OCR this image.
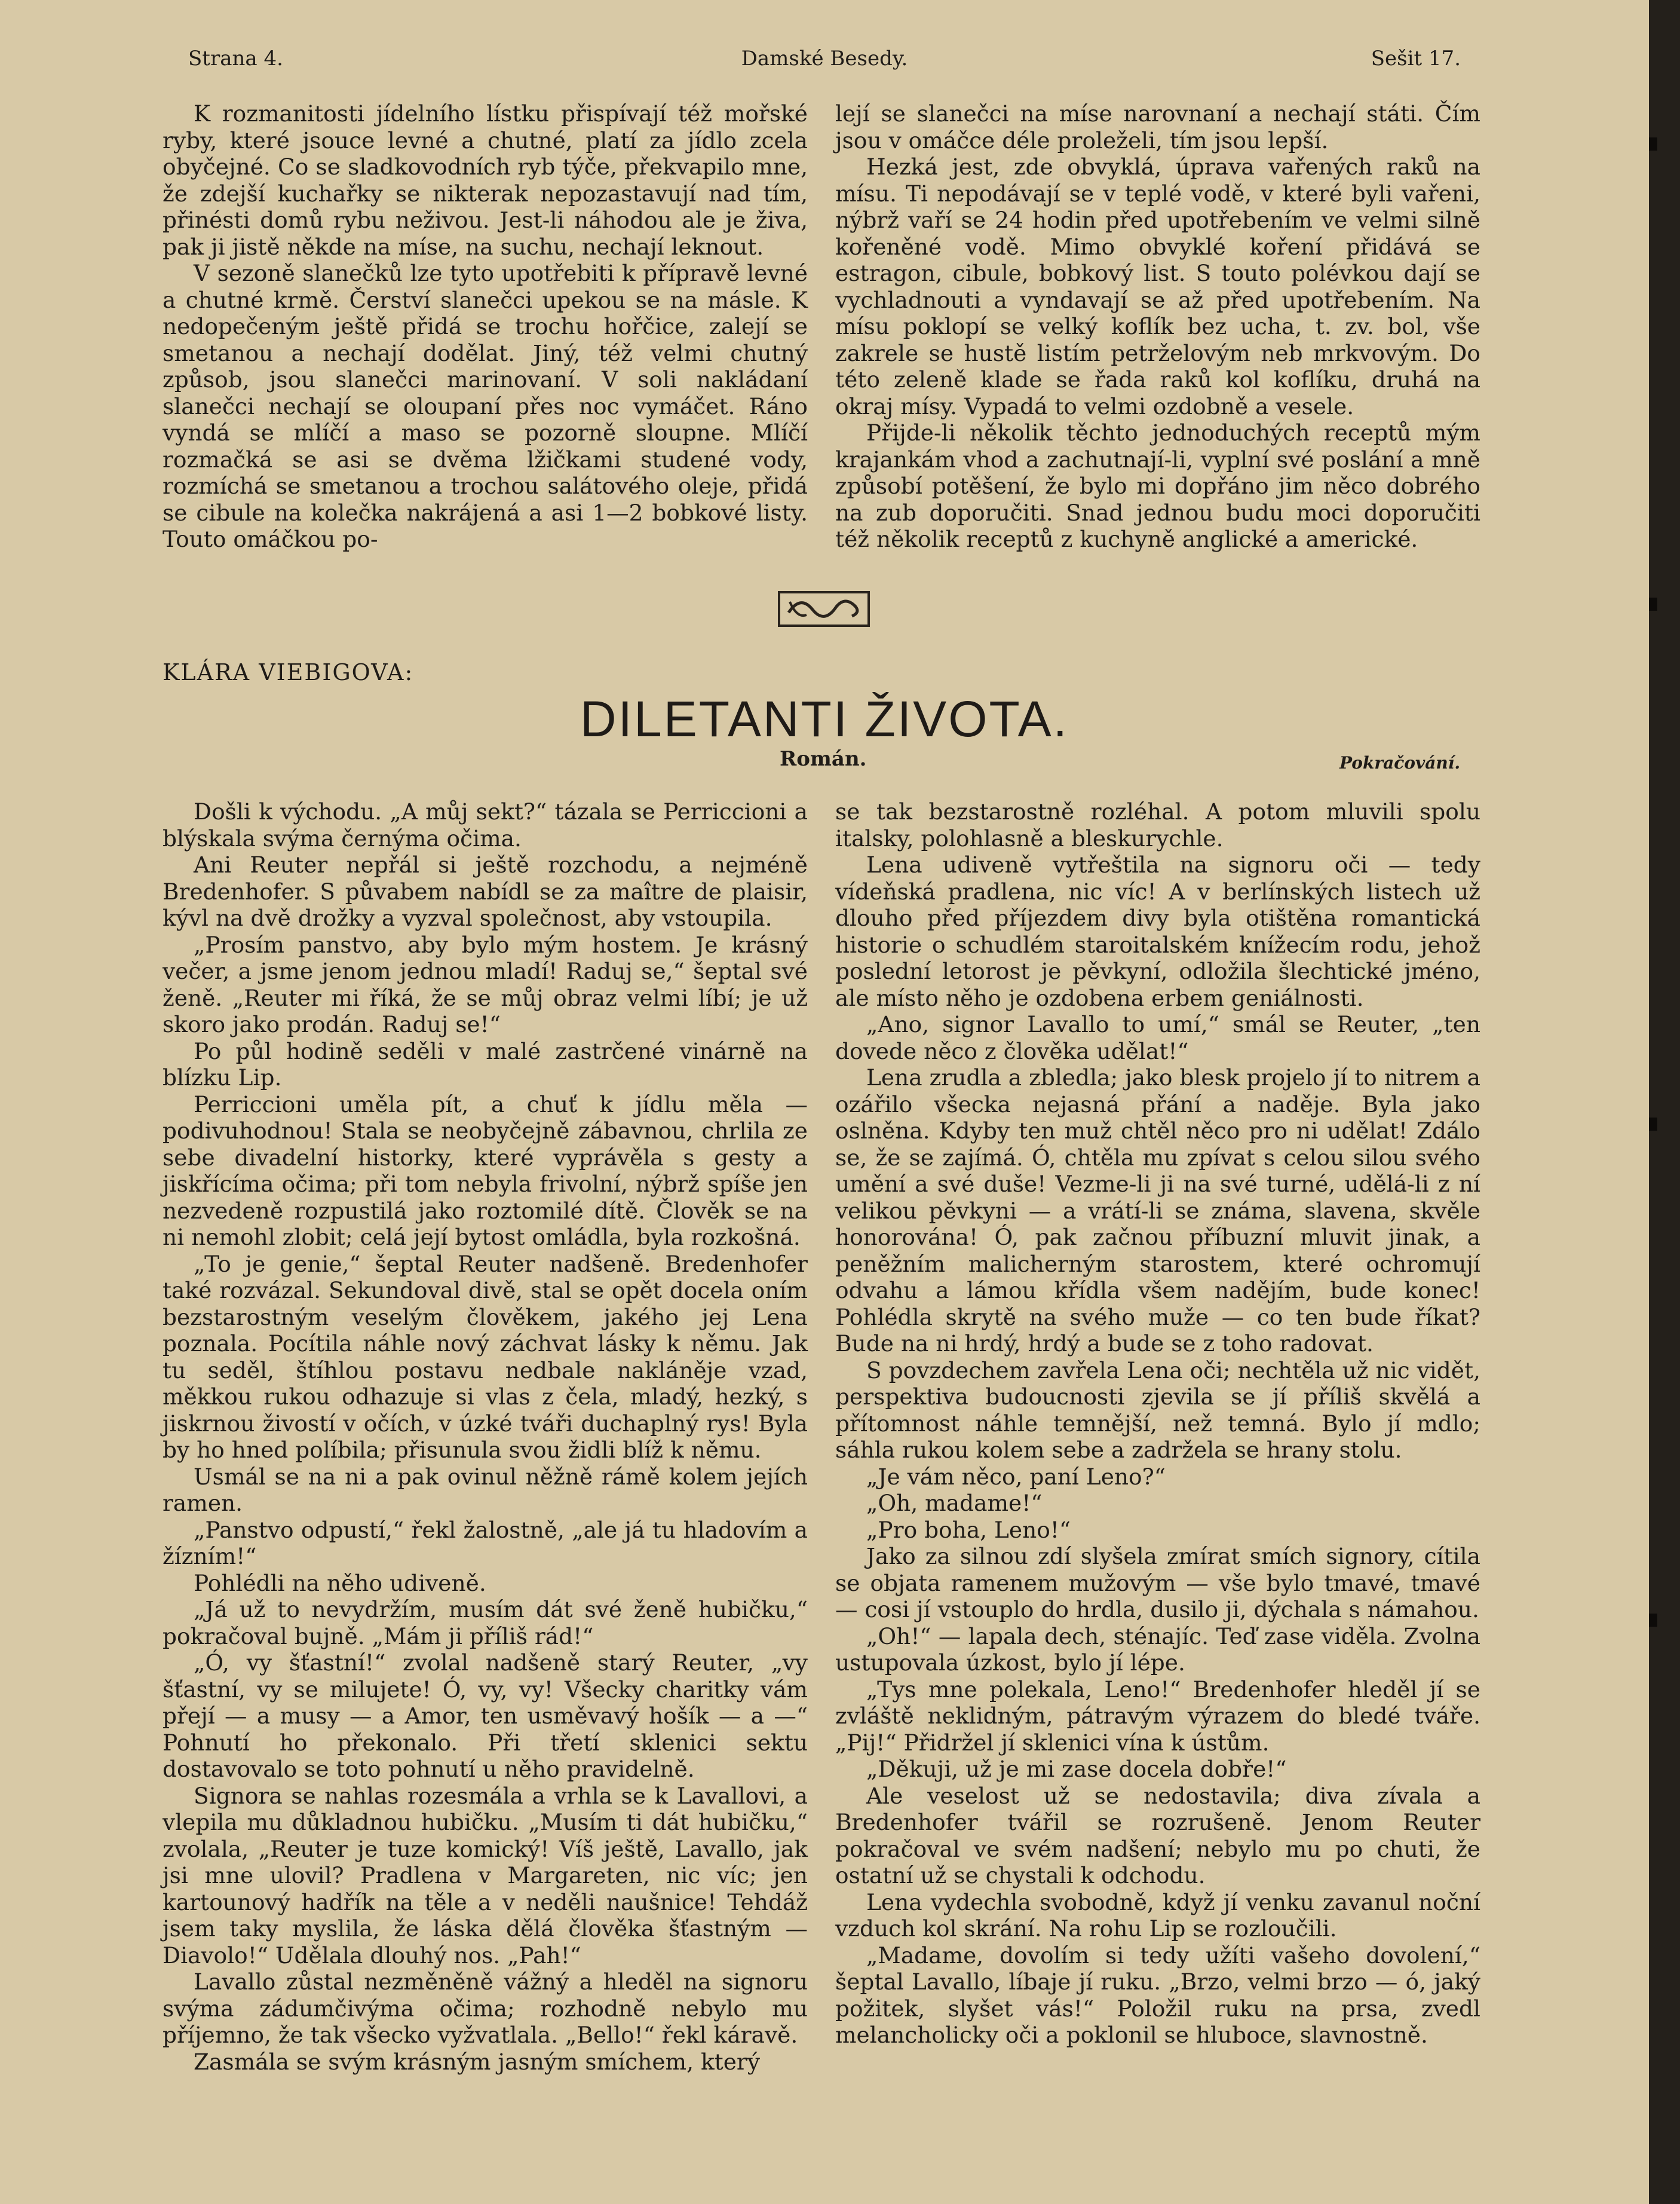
Strana 4.	Damské Besedy.	Sešit 17.

K rozmanitosti jídelního lístku přispívají též mořské ryby, které jsouce levné a chutné, platí za jídlo zcela obyčejné. Co se sladkovodních ryb týče, překvapilo mne, že zdejší kuchařky se nikterak nepozastavují nad tím, přinésti domů rybu neživou. Jest-li náhodou ale je živa, pak ji jistě někde na míse, na suchu, nechají leknout.

V sezoně slanečků lze tyto upotřebiti k přípravě levné a chutné krmě. Čerství slanečci upekou se na másle. K nedopečeným ještě přidá se trochu hořčice, zalejí se smetanou a nechají dodělat. Jiný, též velmi chutný způsob, jsou slanečci marinovaní. V soli nakládaní slanečci nechají se oloupaní přes noc vymáčet. Ráno vyndá se mlíčí a maso se pozorně sloupne. Mlíčí rozmačká se asi se dvěma lžičkami studené vody, rozmíchá se smetanou a trochou salátového oleje, přidá se cibule na kolečka nakrájená a asi 1—2 bobkové listy. Touto omáčkou po-

lejí se slanečci na míse narovnaní a nechají státi. Čím jsou v omáčce déle proleželi, tím jsou lepší.

Hezká jest, zde obvyklá, úprava vařených raků na mísu. Ti nepodávají se v teplé vodě, v které byli vařeni, nýbrž vaří se 24 hodin před upotřebením ve velmi silně kořeněné vodě. Mimo obvyklé koření přidává se estragon, cibule, bobkový list. S touto polévkou dají se vychladnouti a vyndavají se až před upotřebením. Na mísu poklopí se velký koflík bez ucha, t. zv. bol, vše zakrele se hustě listím petrželovým neb mrkvovým. Do této zeleně klade se řada raků kol koflíku, druhá na okraj mísy. Vypadá to velmi ozdobně a vesele.

Přijde-li několik těchto jednoduchých receptů mým krajankám vhod a zachutnají-li, vyplní své poslání a mně způsobí potěšení, že bylo mi dopřáno jim něco dobrého na zub doporučiti. Snad jednou budu moci doporučiti též několik receptů z kuchyně anglické a americké.

KLÁRA VIEBIGOVA:
DILETANTI ŽIVOTA.
Román.	Pokračování.

Došli k východu. „A můj sekt?“ tázala se Perriccioni a blýskala svýma černýma očima.

Ani Reuter nepřál si ještě rozchodu, a nejméně Bredenhofer. S půvabem nabídl se za maître de plaisir, kývl na dvě drožky a vyzval společnost, aby vstoupila.

„Prosím panstvo, aby bylo mým hostem. Je krásný večer, a jsme jenom jednou mladí! Raduj se,“ šeptal své ženě. „Reuter mi říká, že se můj obraz velmi líbí; je už skoro jako prodán. Raduj se!“

Po půl hodině seděli v malé zastrčené vinárně na blízku Lip.

Perriccioni uměla pít, a chuť k jídlu měla — podivuhodnou! Stala se neobyčejně zábavnou, chrlila ze sebe divadelní historky, které vyprávěla s gesty a jiskřícíma očima; při tom nebyla frivolní, nýbrž spíše jen nezvedeně rozpustilá jako roztomilé dítě. Člověk se na ni nemohl zlobit; celá její bytost omládla, byla rozkošná.

„To je genie,“ šeptal Reuter nadšeně. Bredenhofer také rozvázal. Sekundoval divě, stal se opět docela oním bezstarostným veselým člověkem, jakého jej Lena poznala. Pocítila náhle nový záchvat lásky k němu. Jak tu seděl, štíhlou postavu nedbale nakláněje vzad, měkkou rukou odhazuje si vlas z čela, mladý, hezký, s jiskrnou živostí v očích, v úzké tváři duchaplný rys! Byla by ho hned políbila; přisunula svou židli blíž k němu.

Usmál se na ni a pak ovinul něžně rámě kolem jejích ramen.

„Panstvo odpustí,“ řekl žalostně, „ale já tu hladovím a žízním!“

Pohlédli na něho udiveně.

„Já už to nevydržím, musím dát své ženě hubičku,“ pokračoval bujně. „Mám ji příliš rád!“

„Ó, vy šťastní!“ zvolal nadšeně starý Reuter, „vy šťastní, vy se milujete! Ó, vy, vy! Všecky charitky vám přejí — a musy — a Amor, ten usměvavý hošík — a —“ Pohnutí ho překonalo. Při třetí sklenici sektu dostavovalo se toto pohnutí u něho pravidelně.

Signora se nahlas rozesmála a vrhla se k Lavallovi, a vlepila mu důkladnou hubičku. „Musím ti dát hubičku,“ zvolala, „Reuter je tuze komický! Víš ještě, Lavallo, jak jsi mne ulovil? Pradlena v Margareten, nic víc; jen kartounový hadřík na těle a v neděli naušnice! Tehdáž jsem taky myslila, že láska dělá člověka šťastným — Diavolo!“ Udělala dlouhý nos. „Pah!“

Lavallo zůstal nezměněně vážný a hleděl na signoru svýma zádumčivýma očima; rozhodně nebylo mu příjemno, že tak všecko vyžvatlala. „Bello!“ řekl káravě.

Zasmála se svým krásným jasným smíchem, který

se tak bezstarostně rozléhal. A potom mluvili spolu italsky, polohlasně a bleskurychle.

Lena udiveně vytřeštila na signoru oči — tedy vídeňská pradlena, nic víc! A v berlínských listech už dlouho před příjezdem divy byla otištěna romantická historie o schudlém staroitalském knížecím rodu, jehož poslední letorost je pěvkyní, odložila šlechtické jméno, ale místo něho je ozdobena erbem geniálnosti.

„Ano, signor Lavallo to umí,“ smál se Reuter, „ten dovede něco z člověka udělat!“

Lena zrudla a zbledla; jako blesk projelo jí to nitrem a ozářilo všecka nejasná přání a naděje. Byla jako oslněna. Kdyby ten muž chtěl něco pro ni udělat! Zdálo se, že se zajímá. Ó, chtěla mu zpívat s celou silou svého umění a své duše! Vezme-li ji na své turné, udělá-li z ní velikou pěvkyni — a vrátí-li se známa, slavena, skvěle honorována! Ó, pak začnou příbuzní mluvit jinak, a peněžním malicherným starostem, které ochromují odvahu a lámou křídla všem nadějím, bude konec! Pohlédla skrytě na svého muže — co ten bude říkat? Bude na ni hrdý, hrdý a bude se z toho radovat.

S povzdechem zavřela Lena oči; nechtěla už nic vidět, perspektiva budoucnosti zjevila se jí příliš skvělá a přítomnost náhle temnější, než temná. Bylo jí mdlo; sáhla rukou kolem sebe a zadržela se hrany stolu.

„Je vám něco, paní Leno?“

„Oh, madame!“

„Pro boha, Leno!“

Jako za silnou zdí slyšela zmírat smích signory, cítila se objata ramenem mužovým — vše bylo tmavé, tmavé — cosi jí vstouplo do hrdla, dusilo ji, dýchala s námahou.

„Oh!“ — lapala dech, sténajíc. Teď zase viděla. Zvolna ustupovala úzkost, bylo jí lépe.

„Tys mne polekala, Leno!“ Bredenhofer hleděl jí se zvláště neklidným, pátravým výrazem do bledé tváře. „Pij!“ Přidržel jí sklenici vína k ústům.

„Děkuji, už je mi zase docela dobře!“

Ale veselost už se nedostavila; diva zívala a Bredenhofer tvářil se rozrušeně. Jenom Reuter pokračoval ve svém nadšení; nebylo mu po chuti, že ostatní už se chystali k odchodu.

Lena vydechla svobodně, když jí venku zavanul noční vzduch kol skrání. Na rohu Lip se rozloučili.

„Madame, dovolím si tedy užíti vašeho dovolení,“ šeptal Lavallo, líbaje jí ruku. „Brzo, velmi brzo — ó, jaký požitek, slyšet vás!“ Položil ruku na prsa, zvedl melancholicky oči a poklonil se hluboce, slavnostně.
